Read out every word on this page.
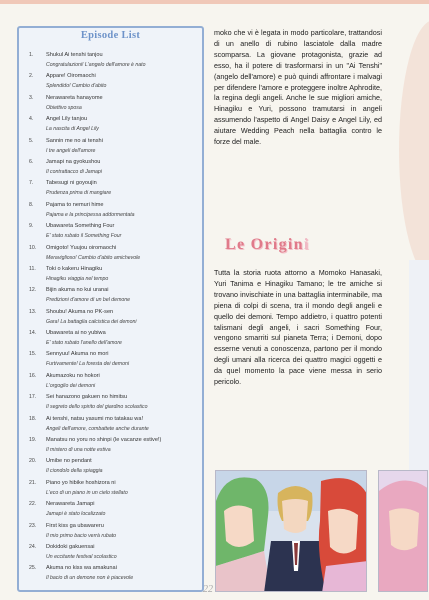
Episode List
1.	Shukul Ai tenshi tanjou
Congratulazioni! L'angelo dell'amore è nato
2.	Appare! Oiromaochi
Splendido! Cambio d'abito
3.	Nerawareta hanayome
Obiettivo sposa
4.	Angel Lily tanjou
La nascita di Angel Lily
5.	Sannin me no ai tenshi
I tre angeli dell'amore
6.	Jamapi na gyokushou
Il contrattacco di Jamapi
7.	Tabesugi ni goyoujin
Prudenza prima di mangiare
8.	Pajama to nemuri hime
Pajama e la principessa addormentata
9.	Ubawareta Something Four
E' stato rubato il Something Four
10.	Omigoto! Yuujou oiromaochi
Meraviglioso! Cambio d'abito amichevole
11.	Toki o kakeru Hinagiku
Hinagiku viaggia nel tempo
12.	Bijin akuma no kui uranai
Predizioni d'amore di un bel demone
13.	Shoubu! Akuma no PK-sen
Gara! La battaglia calcistica dei demoni
14.	Ubawareta ai no yubiwa
E' stato rubato l'anello dell'amore
15.	Sennyuu! Akuma no mori
Furtivamente! La foresta dei demoni
16.	Akumazoku no hokori
L'orgoglio dei demoni
17.	Sei hanazono gakuen no himitsu
Il segreto dello spirito del giardino scolastico
18.	Ai tenshi, natsu yasumi mo tatakau wa!
Angeli dell'amore, combattete anche durante
19.	Manatsu no yoru no shinpi (le vacanze estive!)
Il mistero di una notte estiva
20.	Umibe no pendant
Il ciondolo della spiaggia
21.	Piano yo hibike hoshizora ni
L'eco di un piano in un cielo stellato
22.	Nerawareta Jamapi
Jamapi è stato localizzato
23.	First kiss ga ubawareru
Il mio primo bacio verrà rubato
24.	Dokidoki gakuensai
Un eccitante festival scolastico
25.	Akuma no kiss wa amakunai
Il bacio di un demone non è piacevole

moko che vi è legata in modo particolare, trattandosi di un anello di rubino lasciatole dalla madre scomparsa. La giovane protagonista, grazie ad esso, ha il potere di trasformarsi in un "Ai Tenshi" (angelo dell'amore) e può quindi affrontare i malvagi per difendere l'amore e proteggere inoltre Aphrodite, la regina degli angeli. Anche le sue migliori amiche, Hinagiku e Yuri, possono tramutarsi in angeli assumendo l'aspetto di Angel Daisy e Angel Lily, ed aiutare Wedding Peach nella battaglia contro le forze del male.

Le Origini

Tutta la storia ruota attorno a Momoko Hanasaki, Yuri Tanima e Hinagiku Tamano; le tre amiche si trovano invischiate in una battaglia interminabile, ma piena di colpi di scena, tra il mondo degli angeli e quello dei demoni. Tempo addietro, i quattro potenti talismani degli angeli, i sacri Something Four, vengono smarriti sul pianeta Terra; i Demoni, dopo esserne venuti a conoscenza, partono per il mondo degli umani alla ricerca dei quattro magici oggetti e da quel momento la pace viene messa in serio pericolo.

22
